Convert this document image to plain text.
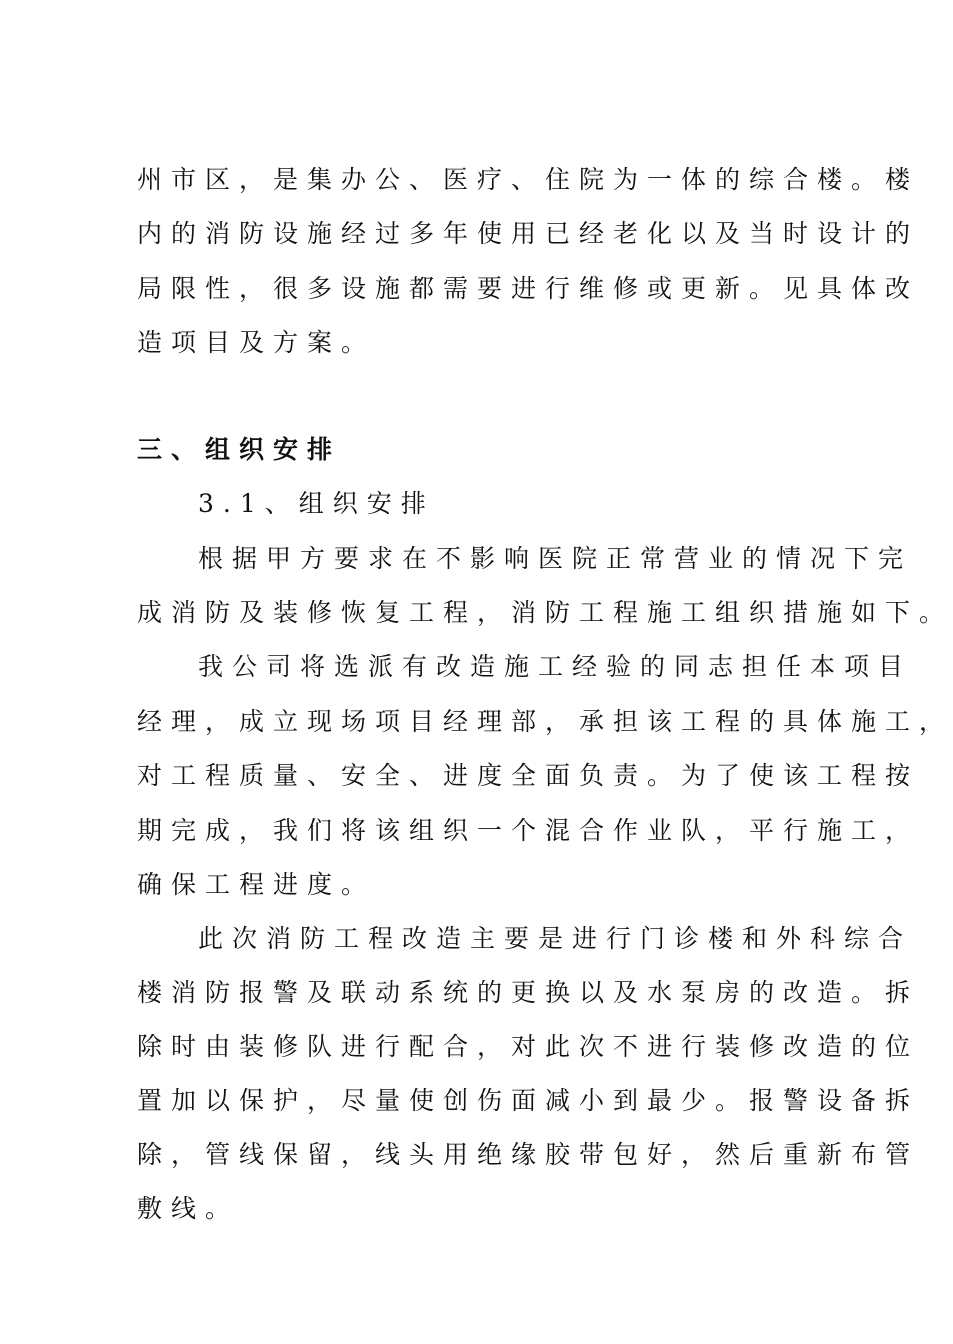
州市区，是集办公、医疗、住院为一体的综合楼。楼
内的消防设施经过多年使用已经老化以及当时设计的
局限性，很多设施都需要进行维修或更新。见具体改
造项目及方案。
三、组织安排
3.1、组织安排
根据甲方要求在不影响医院正常营业的情况下完
成消防及装修恢复工程，消防工程施工组织措施如下。
我公司将选派有改造施工经验的同志担任本项目
经理，成立现场项目经理部，承担该工程的具体施工，
对工程质量、安全、进度全面负责。为了使该工程按
期完成，我们将该组织一个混合作业队，平行施工，
确保工程进度。
此次消防工程改造主要是进行门诊楼和外科综合
楼消防报警及联动系统的更换以及水泵房的改造。拆
除时由装修队进行配合，对此次不进行装修改造的位
置加以保护，尽量使创伤面减小到最少。报警设备拆
除，管线保留，线头用绝缘胶带包好，然后重新布管
敷线。
